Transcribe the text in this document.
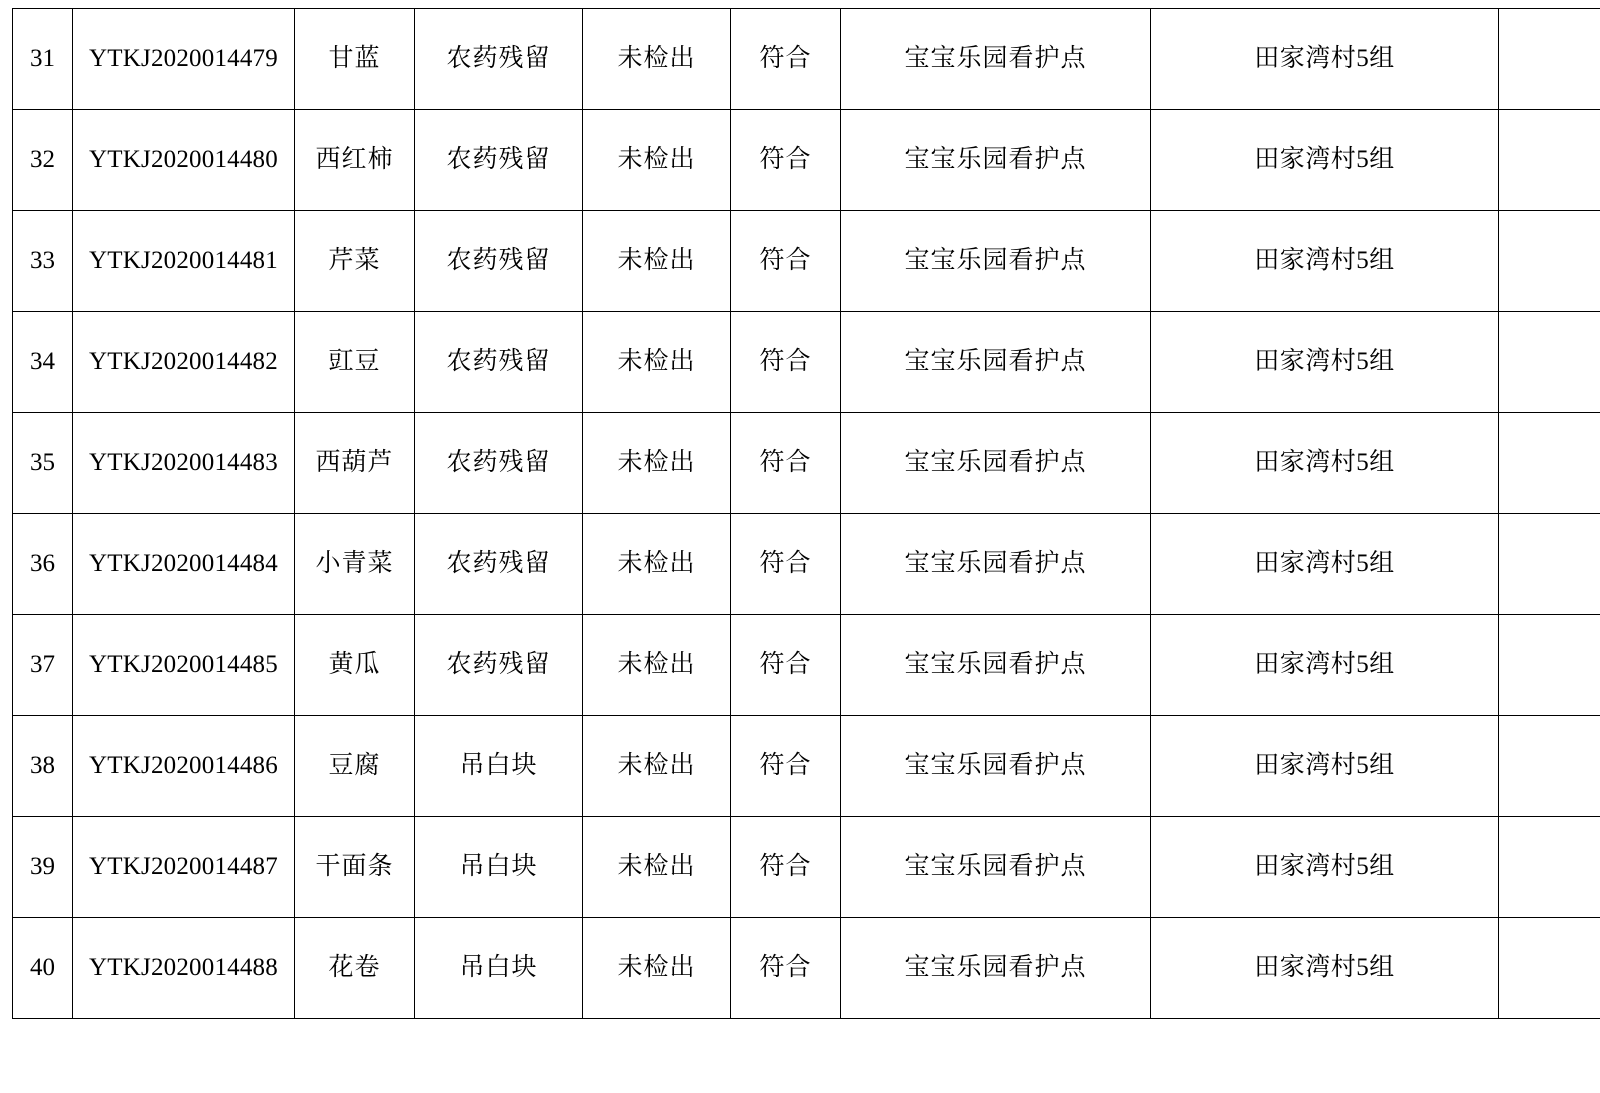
31	YTKJ2020014479	甘蓝	农药残留	未检出	符合	宝宝乐园看护点	田家湾村5组	
32	YTKJ2020014480	西红柿	农药残留	未检出	符合	宝宝乐园看护点	田家湾村5组	
33	YTKJ2020014481	芹菜	农药残留	未检出	符合	宝宝乐园看护点	田家湾村5组	
34	YTKJ2020014482	豇豆	农药残留	未检出	符合	宝宝乐园看护点	田家湾村5组	
35	YTKJ2020014483	西葫芦	农药残留	未检出	符合	宝宝乐园看护点	田家湾村5组	
36	YTKJ2020014484	小青菜	农药残留	未检出	符合	宝宝乐园看护点	田家湾村5组	
37	YTKJ2020014485	黄瓜	农药残留	未检出	符合	宝宝乐园看护点	田家湾村5组	
38	YTKJ2020014486	豆腐	吊白块	未检出	符合	宝宝乐园看护点	田家湾村5组	
39	YTKJ2020014487	干面条	吊白块	未检出	符合	宝宝乐园看护点	田家湾村5组	
40	YTKJ2020014488	花卷	吊白块	未检出	符合	宝宝乐园看护点	田家湾村5组	
